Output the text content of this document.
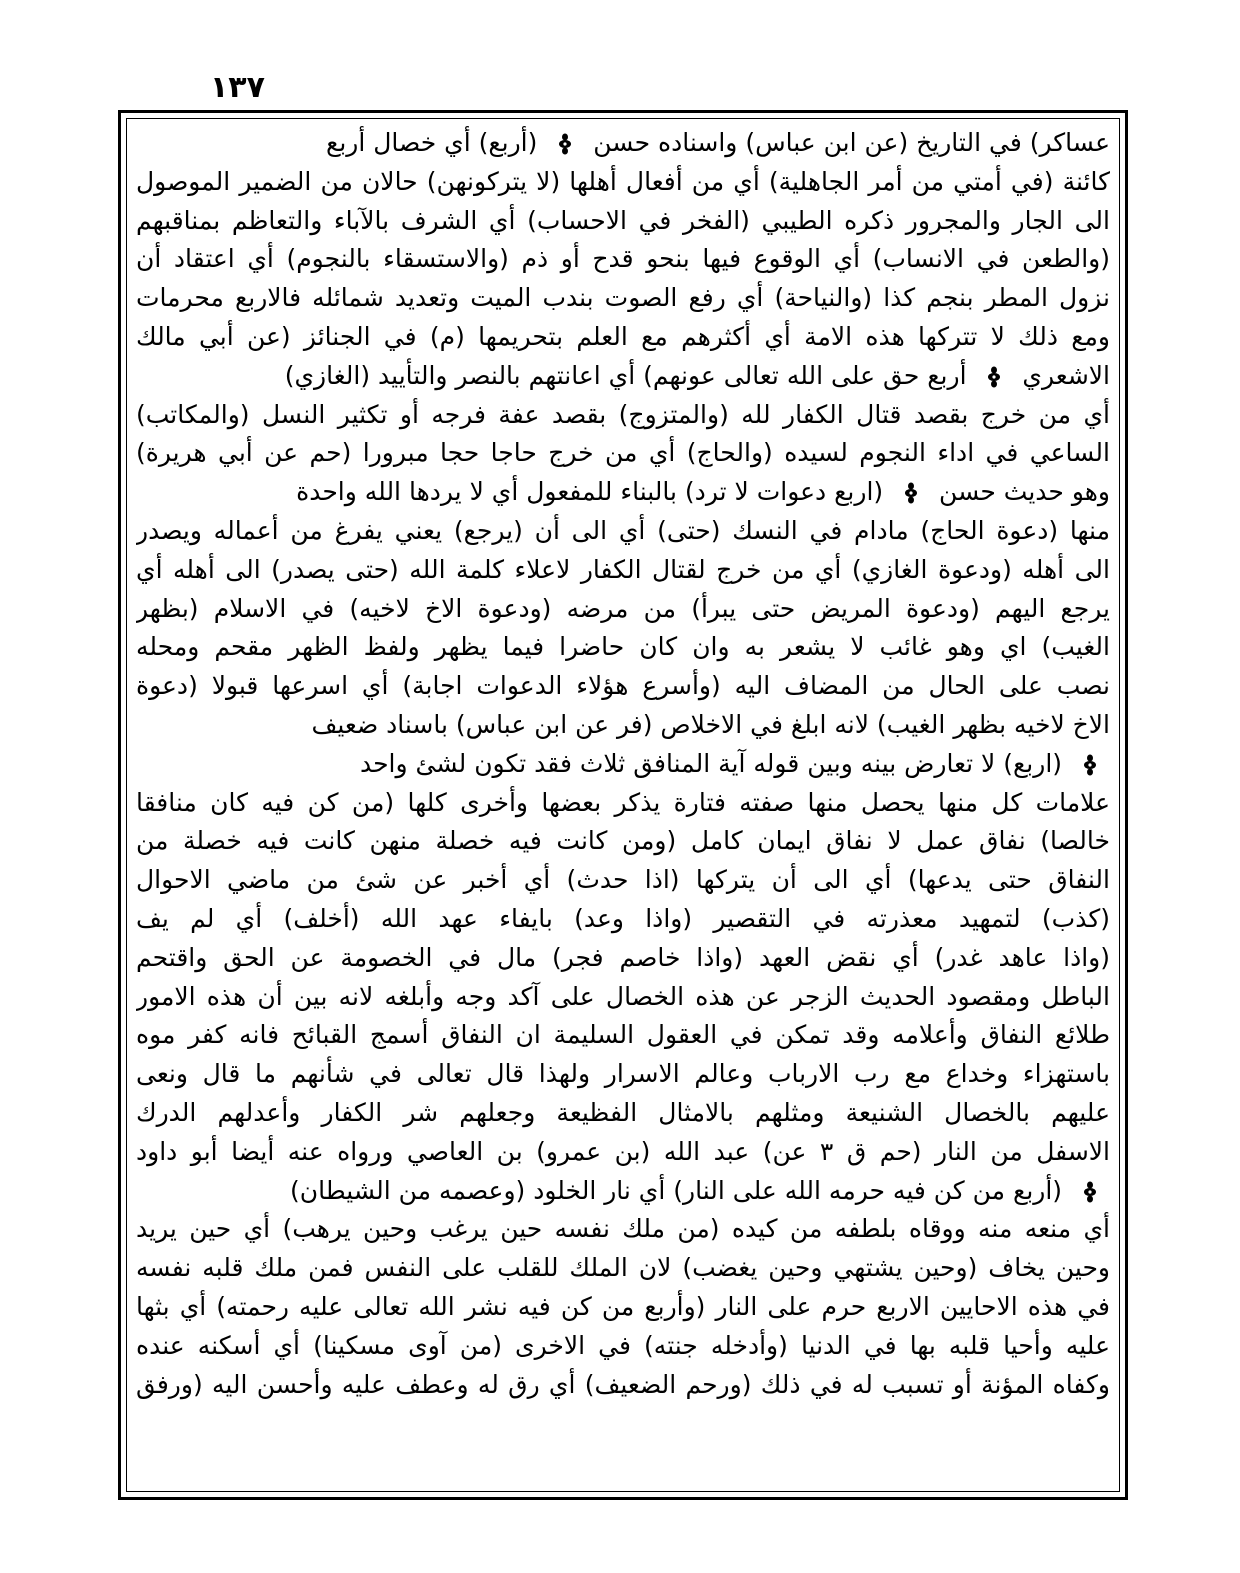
١٣٧
عساكر) في التاريخ (عن ابن عباس) واسناده حسن
(أربع) أي خصال أربع
كائنة (في أمتي من أمر الجاهلية) أي من أفعال أهلها (لا يتركونهن) حالان من الضمير الموصول
الى الجار والمجرور ذكره الطيبي (الفخر في الاحساب) أي الشرف بالآباء والتعاظم بمناقبهم
(والطعن في الانساب) أي الوقوع فيها بنحو قدح أو ذم (والاستسقاء بالنجوم) أي اعتقاد أن
نزول المطر بنجم كذا (والنياحة) أي رفع الصوت بندب الميت وتعديد شمائله فالاربع محرمات
ومع ذلك لا تتركها هذه الامة أي أكثرهم مع العلم بتحريمها (م) في الجنائز (عن أبي مالك
الاشعري
أربع حق على الله تعالى عونهم) أي اعانتهم بالنصر والتأييد (الغازي)
أي من خرج بقصد قتال الكفار لله (والمتزوج) بقصد عفة فرجه أو تكثير النسل (والمكاتب)
الساعي في اداء النجوم لسيده (والحاج) أي من خرج حاجا حجا مبرورا (حم عن أبي هريرة)
وهو حديث حسن
(اربع دعوات لا ترد) بالبناء للمفعول أي لا يردها الله واحدة
منها (دعوة الحاج) مادام في النسك (حتى) أي الى أن (يرجع) يعني يفرغ من أعماله ويصدر
الى أهله (ودعوة الغازي) أي من خرج لقتال الكفار لاعلاء كلمة الله (حتى يصدر) الى أهله أي
يرجع اليهم (ودعوة المريض حتى يبرأ) من مرضه (ودعوة الاخ لاخيه) في الاسلام (بظهر
الغيب) اي وهو غائب لا يشعر به وان كان حاضرا فيما يظهر ولفظ الظهر مقحم ومحله
نصب على الحال من المضاف اليه (وأسرع هؤلاء الدعوات اجابة) أي اسرعها قبولا (دعوة
الاخ لاخيه بظهر الغيب) لانه ابلغ في الاخلاص (فر عن ابن عباس) باسناد ضعيف
(اربع) لا تعارض بينه وبين قوله آية المنافق ثلاث فقد تكون لشئ واحد
علامات كل منها يحصل منها صفته فتارة يذكر بعضها وأخرى كلها (من كن فيه كان منافقا
خالصا) نفاق عمل لا نفاق ايمان كامل (ومن كانت فيه خصلة منهن كانت فيه خصلة من
النفاق حتى يدعها) أي الى أن يتركها (اذا حدث) أي أخبر عن شئ من ماضي الاحوال
(كذب) لتمهيد معذرته في التقصير (واذا وعد) بايفاء عهد الله (أخلف) أي لم يف
(واذا عاهد غدر) أي نقض العهد (واذا خاصم فجر) مال في الخصومة عن الحق واقتحم
الباطل ومقصود الحديث الزجر عن هذه الخصال على آكد وجه وأبلغه لانه بين أن هذه الامور
طلائع النفاق وأعلامه وقد تمكن في العقول السليمة ان النفاق أسمج القبائح فانه كفر موه
باستهزاء وخداع مع رب الارباب وعالم الاسرار ولهذا قال تعالى في شأنهم ما قال ونعى
عليهم بالخصال الشنيعة ومثلهم بالامثال الفظيعة وجعلهم شر الكفار وأعدلهم الدرك
الاسفل من النار (حم ق ٣ عن) عبد الله (بن عمرو) بن العاصي ورواه عنه أيضا أبو داود
(أربع من كن فيه حرمه الله على النار) أي نار الخلود (وعصمه من الشيطان)
أي منعه منه ووقاه بلطفه من كيده (من ملك نفسه حين يرغب وحين يرهب) أي حين يريد
وحين يخاف (وحين يشتهي وحين يغضب) لان الملك للقلب على النفس فمن ملك قلبه نفسه
في هذه الاحايين الاربع حرم على النار (وأربع من كن فيه نشر الله تعالى عليه رحمته) أي بثها
عليه وأحيا قلبه بها في الدنيا (وأدخله جنته) في الاخرى (من آوى مسكينا) أي أسكنه عنده
وكفاه المؤنة أو تسبب له في ذلك (ورحم الضعيف) أي رق له وعطف عليه وأحسن اليه (ورفق
